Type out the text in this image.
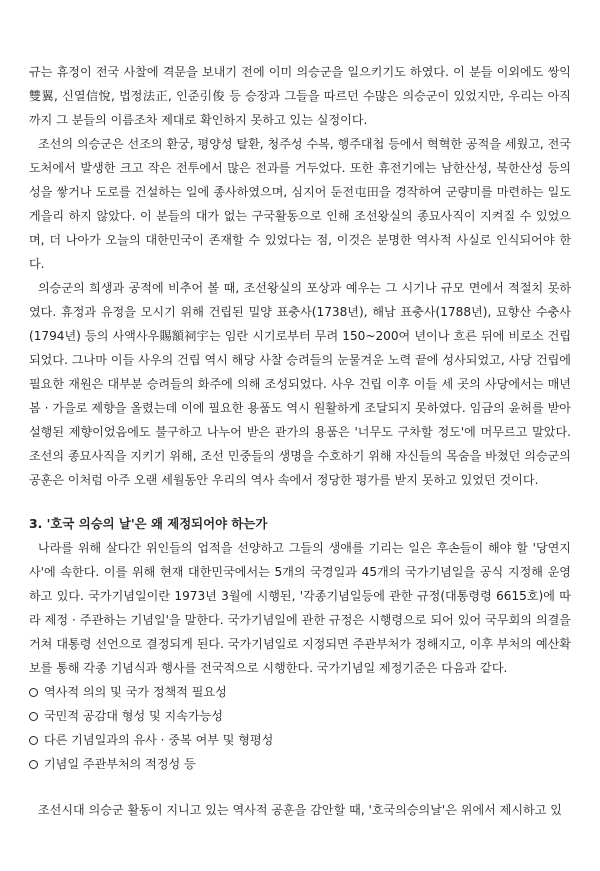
규는 휴정이 전국 사찰에 격문을 보내기 전에 이미 의승군을 일으키기도 하였다. 이 분들 이외에도 쌍익雙翼, 신열信悅, 법정法正, 인준引俊 등 승장과 그들을 따르던 수많은 의승군이 있었지만, 우리는 아직까지 그 분들의 이름조차 제대로 확인하지 못하고 있는 실정이다.

조선의 의승군은 선조의 환궁, 평양성 탈환, 청주성 수복, 행주대첩 등에서 혁혁한 공적을 세웠고, 전국 도처에서 발생한 크고 작은 전투에서 많은 전과를 거두었다. 또한 휴전기에는 남한산성, 북한산성 등의 성을 쌓거나 도로를 건설하는 일에 종사하였으며, 심지어 둔전屯田을 경작하여 군량미를 마련하는 일도 게을리 하지 않았다. 이 분들의 대가 없는 구국활동으로 인해 조선왕실의 종묘사직이 지켜질 수 있었으며, 더 나아가 오늘의 대한민국이 존재할 수 있었다는 점, 이것은 분명한 역사적 사실로 인식되어야 한다.

의승군의 희생과 공적에 비추어 볼 때, 조선왕실의 포상과 예우는 그 시기나 규모 면에서 적절치 못하였다. 휴정과 유정을 모시기 위해 건립된 밀양 표충사(1738년), 해남 표충사(1788년), 묘향산 수충사(1794년) 등의 사액사우賜額祠宇는 임란 시기로부터 무려 150~200여 년이나 흐른 뒤에 비로소 건립되었다. 그나마 이들 사우의 건립 역시 해당 사찰 승려들의 눈물겨운 노력 끝에 성사되었고, 사당 건립에 필요한 재원은 대부분 승려들의 화주에 의해 조성되었다. 사우 건립 이후 이들 세 곳의 사당에서는 매년 봄 · 가을로 제향을 올렸는데 이에 필요한 용품도 역시 원활하게 조달되지 못하였다. 임금의 윤허를 받아 설행된 제향이었음에도 불구하고 나누어 받은 관가의 용품은 '너무도 구차할 정도'에 머무르고 말았다. 조선의 종묘사직을 지키기 위해, 조선 민중들의 생명을 수호하기 위해 자신들의 목숨을 바쳤던 의승군의 공훈은 이처럼 아주 오랜 세월동안 우리의 역사 속에서 정당한 평가를 받지 못하고 있었던 것이다.

3. '호국 의승의 날'은 왜 제정되어야 하는가

나라를 위해 살다간 위인들의 업적을 선양하고 그들의 생애를 기리는 일은 후손들이 해야 할 '당연지사'에 속한다. 이를 위해 현재 대한민국에서는 5개의 국경일과 45개의 국가기념일을 공식 지정해 운영하고 있다. 국가기념일이란 1973년 3월에 시행된, '각종기념일등에 관한 규정(대통령령 6615호)에 따라 제정 · 주관하는 기념일'을 말한다. 국가기념일에 관한 규정은 시행령으로 되어 있어 국무회의 의결을 거쳐 대통령 선언으로 결정되게 된다. 국가기념일로 지정되면 주관부처가 정해지고, 이후 부처의 예산확보를 통해 각종 기념식과 행사를 전국적으로 시행한다. 국가기념일 제정기준은 다음과 같다.

역사적 의의 및 국가 정책적 필요성
국민적 공감대 형성 및 지속가능성
다른 기념일과의 유사 · 중복 여부 및 형평성
기념일 주관부처의 적정성 등

조선시대 의승군 활동이 지니고 있는 역사적 공훈을 감안할 때, '호국의승의날'은 위에서 제시하고 있
